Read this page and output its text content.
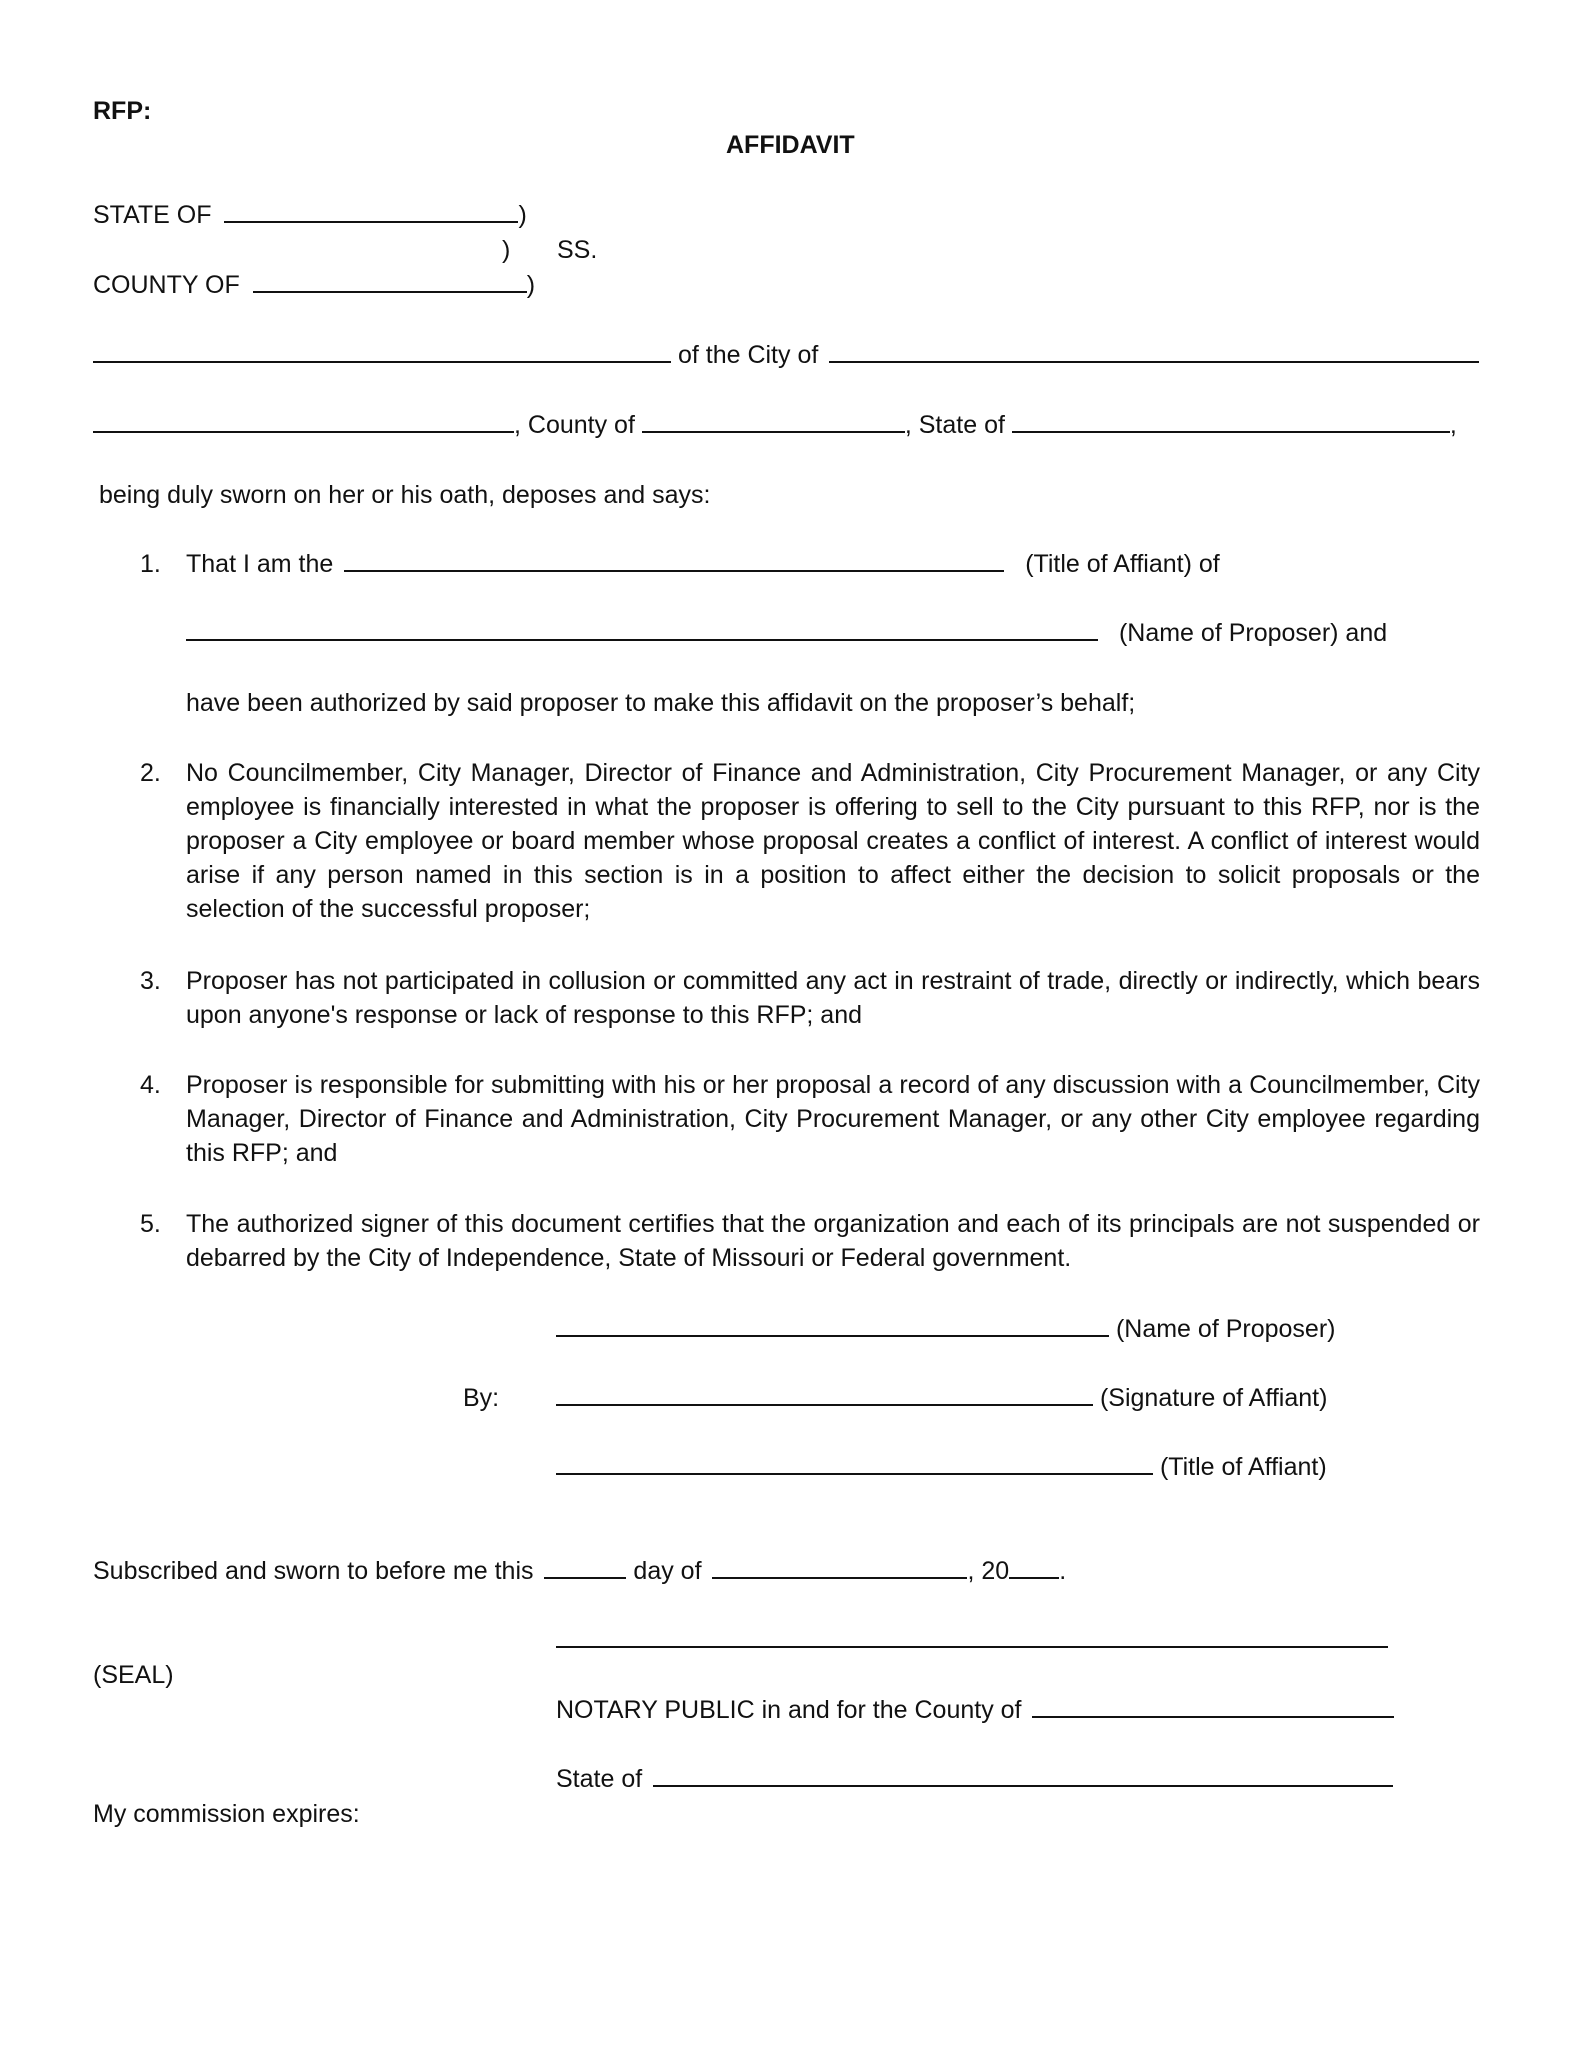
RFP:
AFFIDAVIT
STATE OF	)
) SS.
COUNTY OF	)
of the City of
, County of	, State of	,
being duly sworn on her or his oath, deposes and says:
1. That I am the	(Title of Affiant) of
(Name of Proposer) and
have been authorized by said proposer to make this affidavit on the proposer’s behalf;
2. No Councilmember, City Manager, Director of Finance and Administration, City Procurement Manager, or any City employee is financially interested in what the proposer is offering to sell to the City pursuant to this RFP, nor is the proposer a City employee or board member whose proposal creates a conflict of interest. A conflict of interest would arise if any person named in this section is in a position to affect either the decision to solicit proposals or the selection of the successful proposer;
3. Proposer has not participated in collusion or committed any act in restraint of trade, directly or indirectly, which bears upon anyone's response or lack of response to this RFP; and
4. Proposer is responsible for submitting with his or her proposal a record of any discussion with a Councilmember, City Manager, Director of Finance and Administration, City Procurement Manager, or any other City employee regarding this RFP; and
5. The authorized signer of this document certifies that the organization and each of its principals are not suspended or debarred by the City of Independence, State of Missouri or Federal government.
(Name of Proposer)
By:	(Signature of Affiant)
(Title of Affiant)
Subscribed and sworn to before me this	day of	, 20 .
(SEAL)
NOTARY PUBLIC in and for the County of
State of
My commission expires:
